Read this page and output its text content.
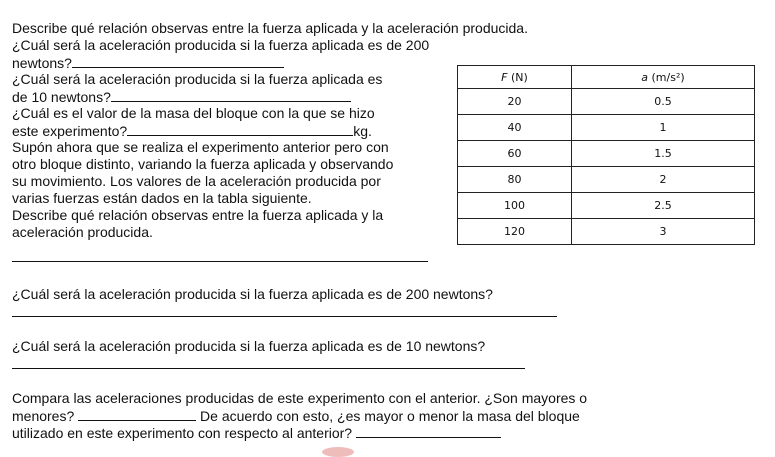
Describe qué relación observas entre la fuerza aplicada y la aceleración producida.
¿Cuál será la aceleración producida si la fuerza aplicada es de 200
newtons?
¿Cuál será la aceleración producida si la fuerza aplicada es
de 10 newtons?
¿Cuál es el valor de la masa del bloque con la que se hizo
este experimento?	kg.
Supón ahora que se realiza el experimento anterior pero con
otro bloque distinto, variando la fuerza aplicada y observando
su movimiento. Los valores de la aceleración producida por
varias fuerzas están dados en la tabla siguiente.
Describe qué relación observas entre la fuerza aplicada y la
aceleración producida.
F (N)	a (m/s²)
20	0.5
40	1
60	1.5
80	2
100	2.5
120	3
¿Cuál será la aceleración producida si la fuerza aplicada es de 200 newtons?
¿Cuál será la aceleración producida si la fuerza aplicada es de 10 newtons?
Compara las aceleraciones producidas de este experimento con el anterior. ¿Son mayores o
menores?	De acuerdo con esto, ¿es mayor o menor la masa del bloque
utilizado en este experimento con respecto al anterior?
